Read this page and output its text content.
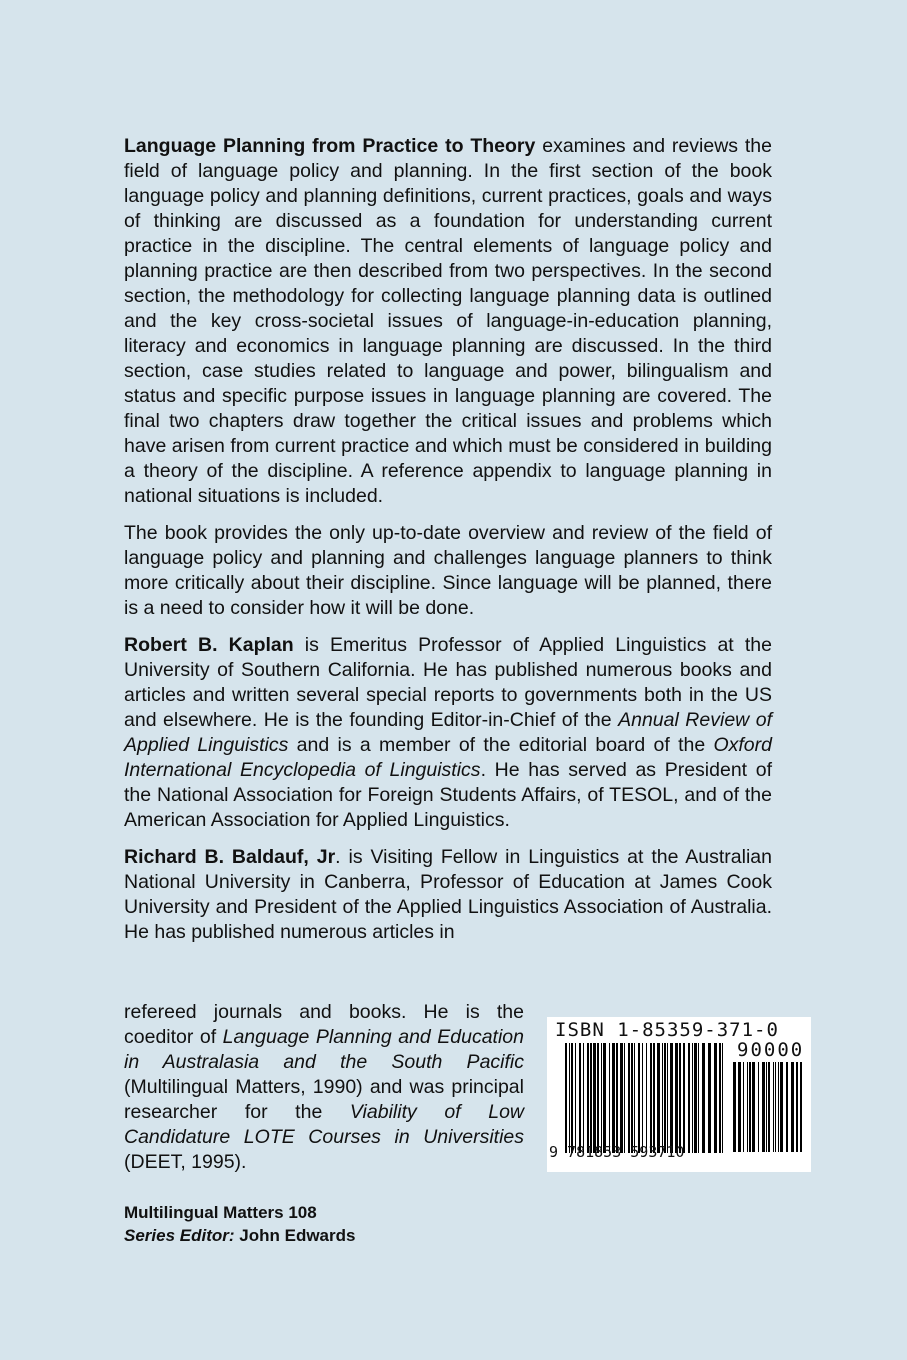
Language Planning from Practice to Theory examines and reviews the field of language policy and planning. In the first section of the book language policy and planning definitions, current practices, goals and ways of thinking are discussed as a foundation for understanding current practice in the discipline. The central elements of language policy and planning practice are then described from two perspectives. In the second section, the methodology for collecting language planning data is outlined and the key cross-societal issues of language-in-education planning, literacy and economics in language planning are discussed. In the third section, case studies related to language and power, bilingualism and status and specific purpose issues in language planning are covered. The final two chapters draw together the critical issues and problems which have arisen from current practice and which must be considered in building a theory of the discipline. A reference appendix to language planning in national situations is included.

The book provides the only up-to-date overview and review of the field of language policy and planning and challenges language planners to think more critically about their discipline. Since language will be planned, there is a need to consider how it will be done.

Robert B. Kaplan is Emeritus Professor of Applied Linguistics at the University of Southern California. He has published numerous books and articles and written several special reports to governments both in the US and elsewhere. He is the founding Editor-in-Chief of the Annual Review of Applied Linguistics and is a member of the editorial board of the Oxford International Encyclopedia of Linguistics. He has served as President of the National Association for Foreign Students Affairs, of TESOL, and of the American Association for Applied Linguistics.

Richard B. Baldauf, Jr. is Visiting Fellow in Linguistics at the Australian National University in Canberra, Professor of Education at James Cook University and President of the Applied Linguistics Association of Australia. He has published numerous articles in

refereed journals and books. He is the coeditor of Language Planning and Education in Australasia and the South Pacific (Multilingual Matters, 1990) and was principal researcher for the Viability of Low Candidature LOTE Courses in Universities (DEET, 1995).
ISBN 1-85359-371-0
90000
9 781853 593710
Multilingual Matters 108
Series Editor: John Edwards
